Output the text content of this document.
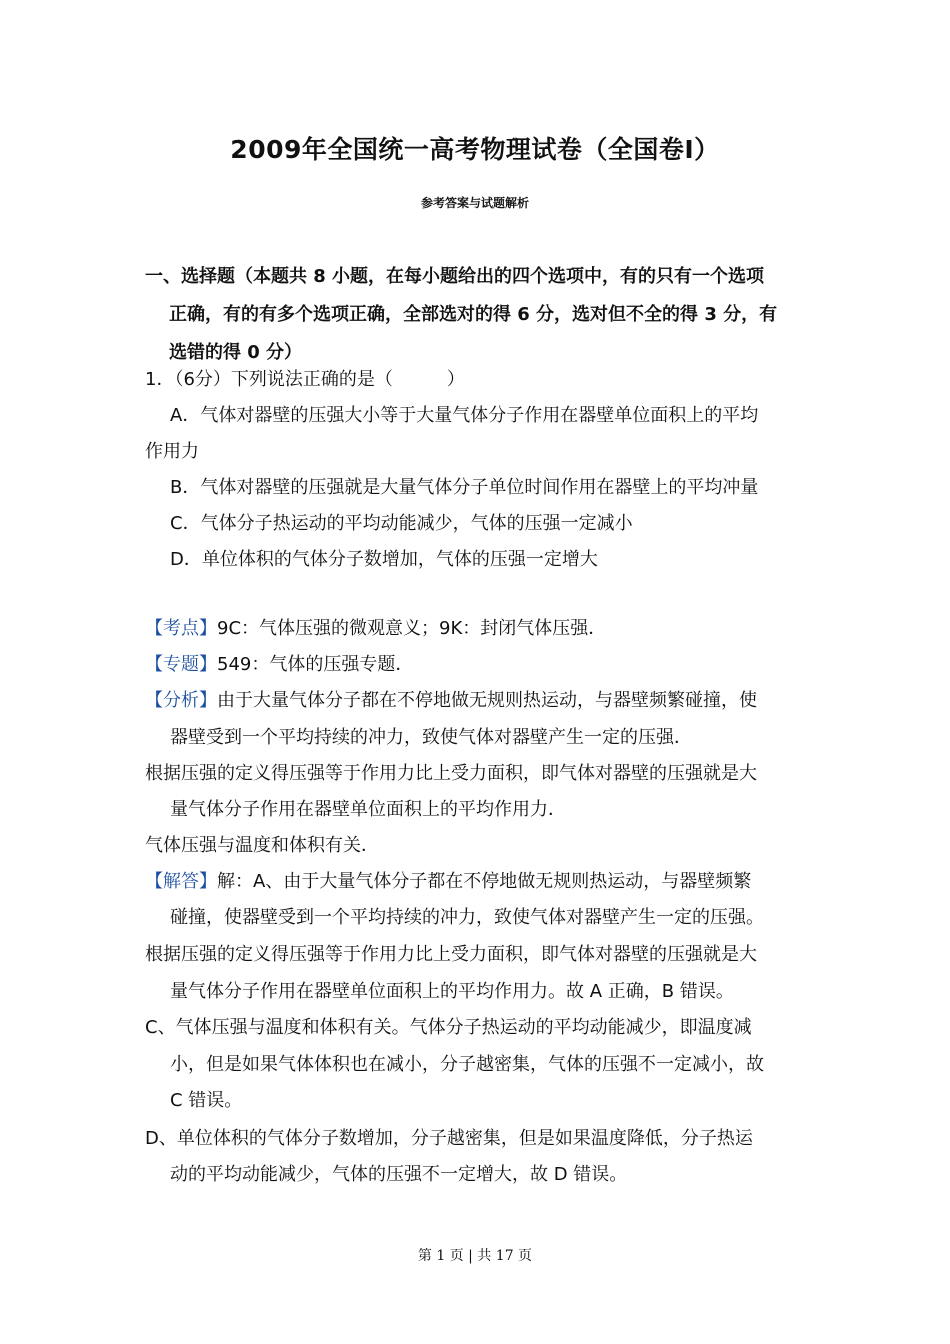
2009年全国统一高考物理试卷（全国卷Ⅰ）
参考答案与试题解析
一、选择题（本题共 8 小题，在每小题给出的四个选项中，有的只有一个选项
正确，有的有多个选项正确，全部选对的得 6 分，选对但不全的得 3 分，有
选错的得 0 分）
1．（6分）下列说法正确的是（　　　）
A．气体对器壁的压强大小等于大量气体分子作用在器壁单位面积上的平均
作用力
B．气体对器壁的压强就是大量气体分子单位时间作用在器壁上的平均冲量
C．气体分子热运动的平均动能减少，气体的压强一定减小
D．单位体积的气体分子数增加，气体的压强一定增大
【考点】9C：气体压强的微观意义；9K：封闭气体压强．
【专题】549：气体的压强专题．
【分析】由于大量气体分子都在不停地做无规则热运动，与器壁频繁碰撞，使
器壁受到一个平均持续的冲力，致使气体对器壁产生一定的压强．
根据压强的定义得压强等于作用力比上受力面积，即气体对器壁的压强就是大
量气体分子作用在器壁单位面积上的平均作用力．
气体压强与温度和体积有关．
【解答】解：A、由于大量气体分子都在不停地做无规则热运动，与器壁频繁
碰撞，使器壁受到一个平均持续的冲力，致使气体对器壁产生一定的压强。
根据压强的定义得压强等于作用力比上受力面积，即气体对器壁的压强就是大
量气体分子作用在器壁单位面积上的平均作用力。故 A 正确，B 错误。
C、气体压强与温度和体积有关。气体分子热运动的平均动能减少，即温度减
小，但是如果气体体积也在减小，分子越密集，气体的压强不一定减小，故
C 错误。
D、单位体积的气体分子数增加，分子越密集，但是如果温度降低，分子热运
动的平均动能减少，气体的压强不一定增大，故 D 错误。
第 1 页 | 共 17 页
